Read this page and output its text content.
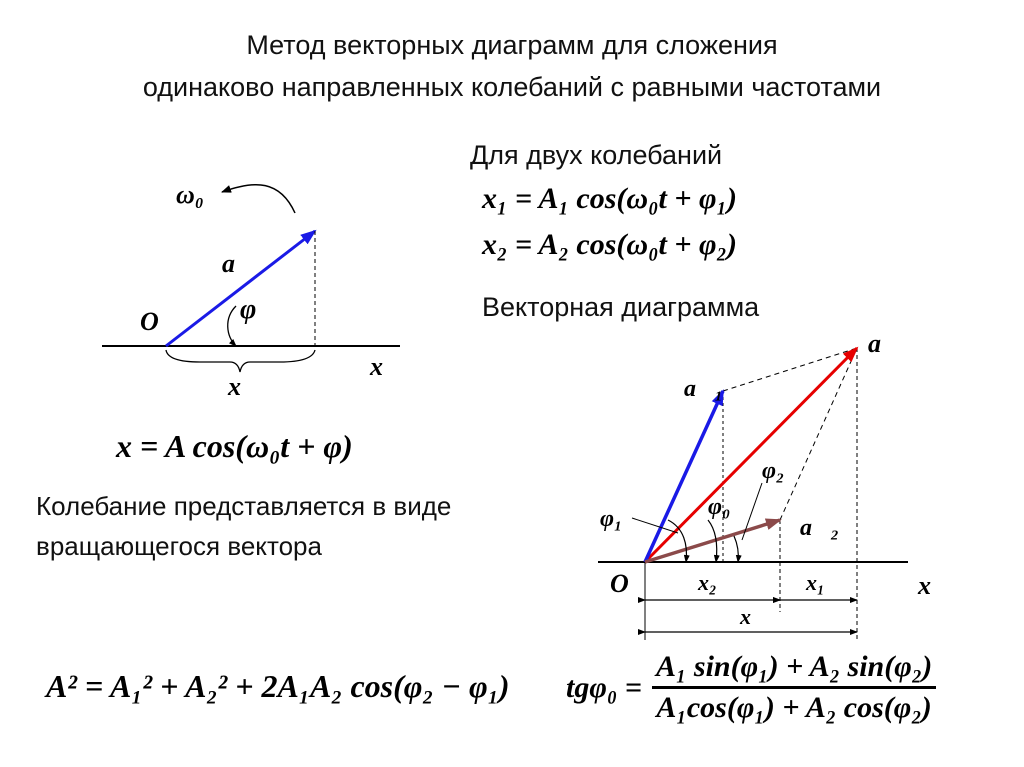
Метод векторных диаграмм для сложения
одинаково направленных колебаний с равными частотами
Для двух колебаний
x₁ = A₁ cos(ω₀t + φ₁)
x₂ = A₂ cos(ω₀t + φ₂)
Векторная диаграмма
ω₀
a⃗
O	φ
x
x
a⃗
a⃗₁
a⃗₂
φ₁
φ₂
φ₀
O	x
x₂	x₁
x
x = A cos(ω₀t + φ)
Колебание представляется в виде
вращающегося вектора
A² = A₁² + A₂² + 2A₁A₂ cos(φ₂ − φ₁) $tg\varphi_0 = \frac{\text{A₁ sin(φ₁) + A₂ sin(φ₂)}}{\text{A₁cos(φ₁) + A₂ cos(φ₂)}}$
